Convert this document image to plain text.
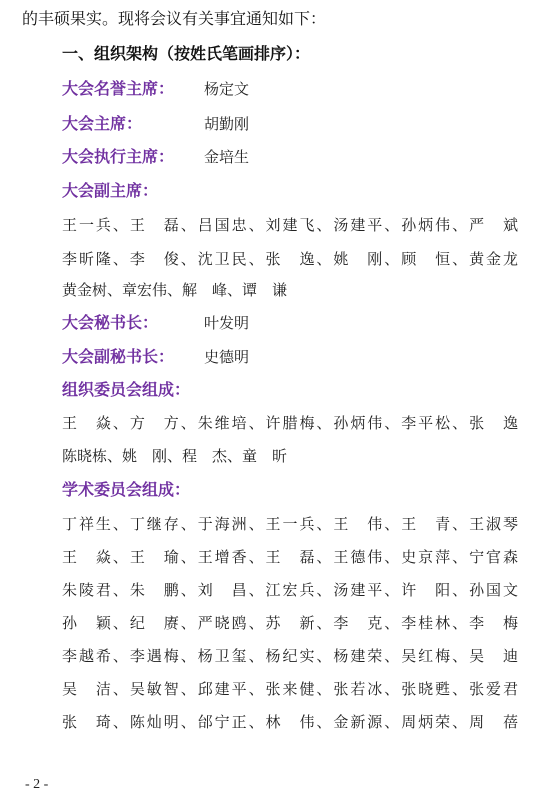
的丰硕果实。现将会议有关事宜通知如下：
一、组织架构（按姓氏笔画排序）：
大会名誉主席： 杨定文
大会主席：	胡勤刚
大会执行主席： 金培生
大会副主席：
王一兵、王　磊、吕国忠、刘建飞、汤建平、孙炳伟、严　斌
李昕隆、李　俊、沈卫民、张　逸、姚　刚、顾　恒、黄金龙
黄金树、章宏伟、解　峰、谭　谦
大会秘书长：	叶发明
大会副秘书长： 史德明
组织委员会组成：
王　焱、方　方、朱维培、许腊梅、孙炳伟、李平松、张　逸
陈晓栋、姚　刚、程　杰、童　昕
学术委员会组成：
丁祥生、丁继存、于海洲、王一兵、王　伟、王　青、王淑琴
王　焱、王　瑜、王增香、王　磊、王德伟、史京萍、宁官森
朱陵君、朱　鹏、刘　昌、江宏兵、汤建平、许　阳、孙国文
孙　颖、纪　赓、严晓鸥、苏　新、李　克、李桂林、李　梅
李越希、李遇梅、杨卫玺、杨纪实、杨建荣、吴红梅、吴　迪
吴　洁、吴敏智、邱建平、张来健、张若冰、张晓甦、张爱君
张　琦、陈灿明、邰宁正、林　伟、金新源、周炳荣、周　蓓
- 2 -
